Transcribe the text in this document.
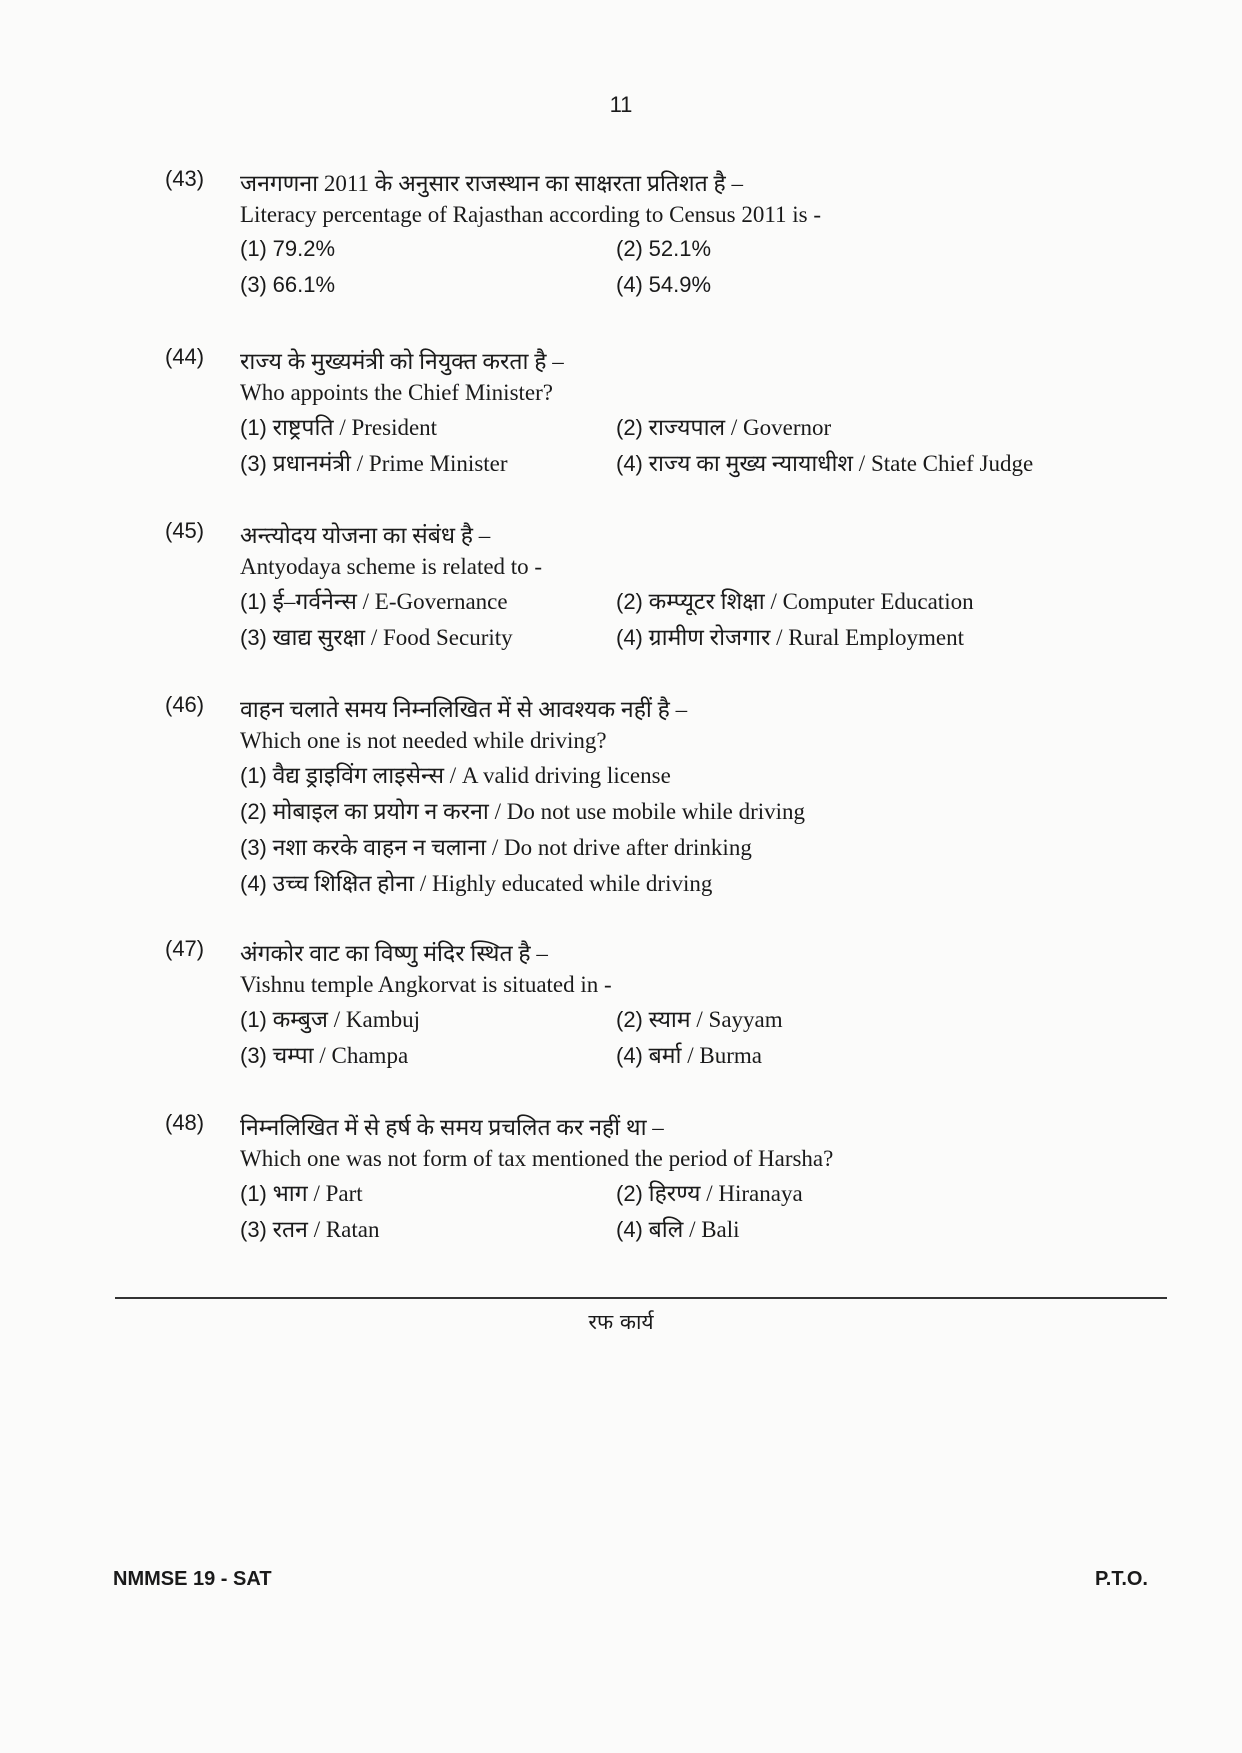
11
(43) जनगणना 2011 के अनुसार राजस्थान का साक्षरता प्रतिशत है –
Literacy percentage of Rajasthan according to Census 2011 is -
(1) 79.2%	(2) 52.1%
(3) 66.1%	(4) 54.9%
(44) राज्य के मुख्यमंत्री को नियुक्त करता है –
Who appoints the Chief Minister?
(1) राष्ट्रपति / President	(2) राज्यपाल / Governor
(3) प्रधानमंत्री / Prime Minister	(4) राज्य का मुख्य न्यायाधीश / State Chief Judge
(45) अन्त्योदय योजना का संबंध है –
Antyodaya scheme is related to -
(1) ई–गर्वनेन्स / E-Governance	(2) कम्प्यूटर शिक्षा / Computer Education
(3) खाद्य सुरक्षा / Food Security	(4) ग्रामीण रोजगार / Rural Employment
(46) वाहन चलाते समय निम्नलिखित में से आवश्यक नहीं है –
Which one is not needed while driving?
(1) वैद्य ड्राइविंग लाइसेन्स / A valid driving license
(2) मोबाइल का प्रयोग न करना / Do not use mobile while driving
(3) नशा करके वाहन न चलाना / Do not drive after drinking
(4) उच्च शिक्षित होना / Highly educated while driving
(47) अंगकोर वाट का विष्णु मंदिर स्थित है –
Vishnu temple Angkorvat is situated in -
(1) कम्बुज / Kambuj	(2) स्याम / Sayyam
(3) चम्पा / Champa	(4) बर्मा / Burma
(48) निम्नलिखित में से हर्ष के समय प्रचलित कर नहीं था –
Which one was not form of tax mentioned the period of Harsha?
(1) भाग / Part	(2) हिरण्य / Hiranaya
(3) रतन / Ratan	(4) बलि / Bali
रफ कार्य
NMMSE 19 - SAT	P.T.O.
